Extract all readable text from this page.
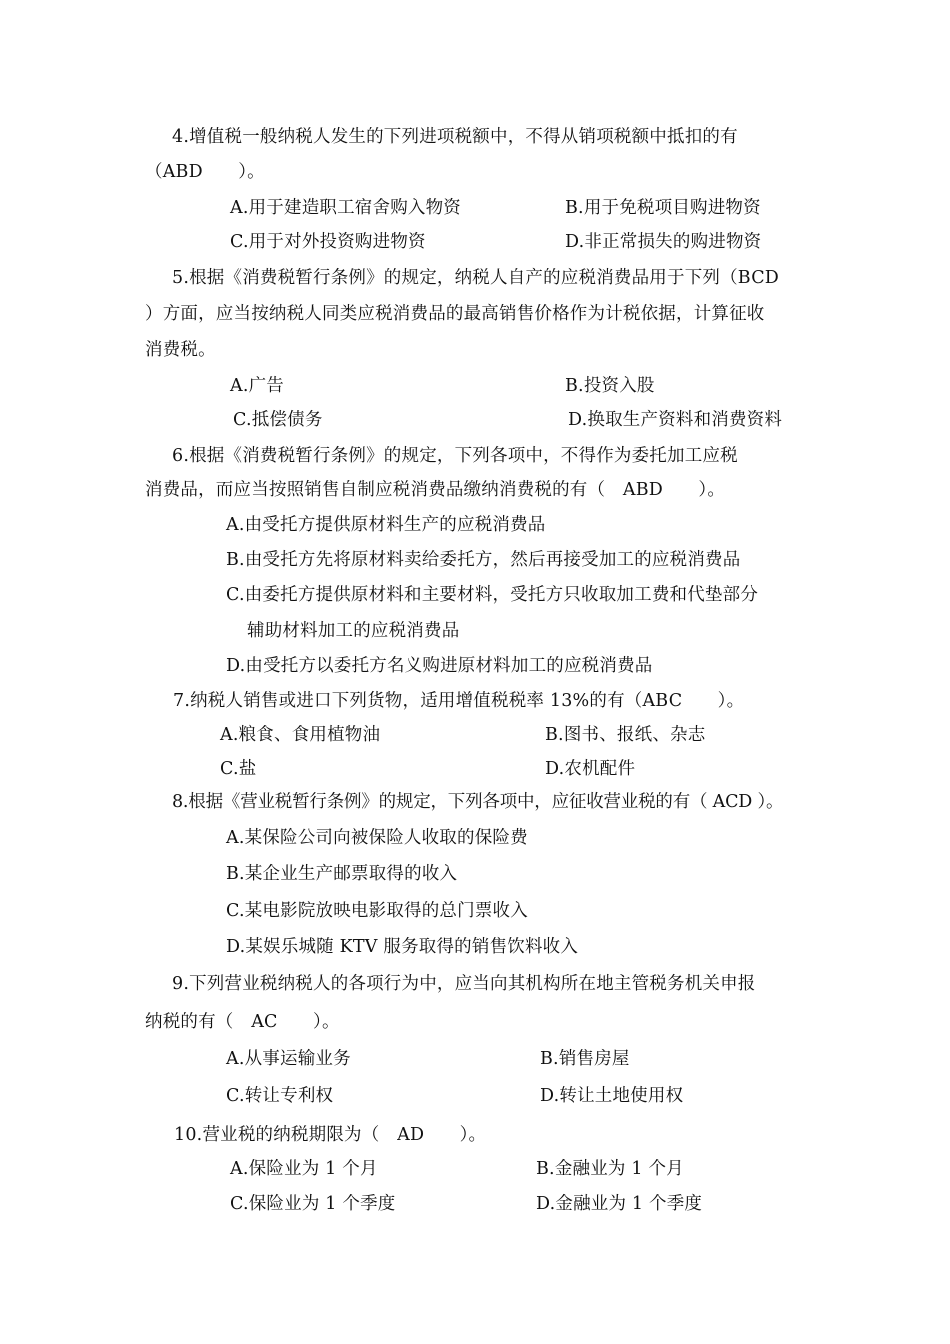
4.增值税一般纳税人发生的下列进项税额中，不得从销项税额中抵扣的有
（ABD　　）。
A.用于建造职工宿舍购入物资	B.用于免税项目购进物资
C.用于对外投资购进物资	D.非正常损失的购进物资
5.根据《消费税暂行条例》的规定，纳税人自产的应税消费品用于下列（BCD
）方面，应当按纳税人同类应税消费品的最高销售价格作为计税依据，计算征收
消费税。
A.广告	B.投资入股
C.抵偿债务	D.换取生产资料和消费资料
6.根据《消费税暂行条例》的规定，下列各项中，不得作为委托加工应税
消费品，而应当按照销售自制应税消费品缴纳消费税的有（　ABD　　）。
A.由受托方提供原材料生产的应税消费品
B.由受托方先将原材料卖给委托方，然后再接受加工的应税消费品
C.由委托方提供原材料和主要材料，受托方只收取加工费和代垫部分
辅助材料加工的应税消费品
D.由受托方以委托方名义购进原材料加工的应税消费品
7.纳税人销售或进口下列货物，适用增值税税率 13%的有（ABC　　）。
A.粮食、食用植物油	B.图书、报纸、杂志
C.盐	D.农机配件
8.根据《营业税暂行条例》的规定，下列各项中，应征收营业税的有（ ACD ）。
A.某保险公司向被保险人收取的保险费
B.某企业生产邮票取得的收入
C.某电影院放映电影取得的总门票收入
D.某娱乐城随 KTV 服务取得的销售饮料收入
9.下列营业税纳税人的各项行为中，应当向其机构所在地主管税务机关申报
纳税的有（　AC　　）。
A.从事运输业务	B.销售房屋
C.转让专利权	D.转让土地使用权
10.营业税的纳税期限为（　AD　　）。
A.保险业为 1 个月	B.金融业为 1 个月
C.保险业为 1 个季度	D.金融业为 1 个季度
